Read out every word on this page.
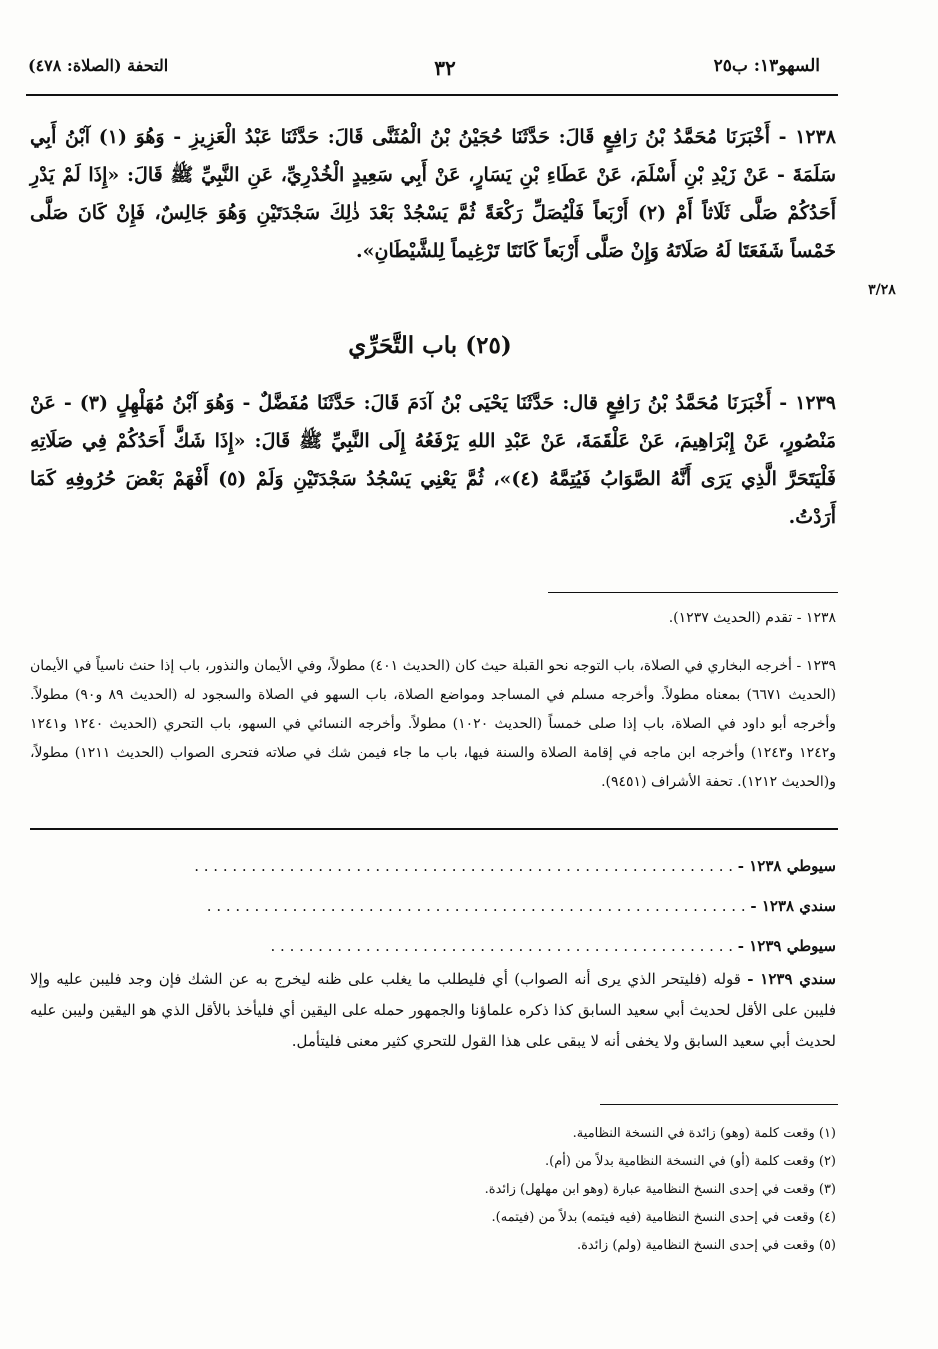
السهو١٣: ب٢٥
٣٢
التحفة (الصلاة: ٤٧٨)
٣/٢٨

١٢٣٨ - أَخْبَرَنَا مُحَمَّدُ بْنُ رَافِعٍ قَالَ: حَدَّثَنَا حُجَيْنُ بْنُ الْمُثَنَّى قَالَ: حَدَّثَنَا عَبْدُ الْعَزِيزِ - وَهُوَ (١) آبْنُ أَبِي سَلَمَةَ - عَنْ زَيْدِ بْنِ أَسْلَمَ، عَنْ عَطَاءِ بْنِ يَسَارٍ، عَنْ أَبِي سَعِيدٍ الْخُدْرِيِّ، عَنِ النَّبِيِّ ﷺ قَالَ: «إِذَا لَمْ يَدْرِ أَحَدُكُمْ صَلَّى ثَلَاثاً أَمْ (٢) أَرْبَعاً فَلْيُصَلِّ رَكْعَةً ثُمَّ يَسْجُدْ بَعْدَ ذٰلِكَ سَجْدَتَيْنِ وَهُوَ جَالِسٌ، فَإِنْ كَانَ صَلَّى خَمْساً شَفَعَتَا لَهُ صَلَاتَهُ وَإِنْ صَلَّى أَرْبَعاً كَانَتَا تَرْغِيماً لِلشَّيْطَانِ».

(٢٥) باب التَّحَرِّي

١٢٣٩ - أَخْبَرَنَا مُحَمَّدُ بْنُ رَافِعٍ قال: حَدَّثَنَا يَحْيَى بْنُ آدَمَ قَالَ: حَدَّثَنَا مُفَضَّلٌ - وَهُوَ آبْنُ مُهَلْهِلٍ (٣) - عَنْ مَنْصُورٍ، عَنْ إِبْرَاهِيمَ، عَنْ عَلْقَمَةَ، عَنْ عَبْدِ اللهِ يَرْفَعُهُ إِلَى النَّبِيِّ ﷺ قَالَ: «إِذَا شَكَّ أَحَدُكُمْ فِي صَلَاتِهِ فَلْيَتَحَرَّ الَّذِي يَرَى أَنَّهُ الصَّوَابُ فَيُتِمَّهُ (٤)»، ثُمَّ يَعْنِي يَسْجُدُ سَجْدَتَيْنِ وَلَمْ (٥) أَفْهَمْ بَعْضَ حُرُوفِهِ كَمَا أَرَدْتُ.

١٢٣٨ - تقدم (الحديث ١٢٣٧).
١٢٣٩ - أخرجه البخاري في الصلاة، باب التوجه نحو القبلة حيث كان (الحديث ٤٠١) مطولاً، وفي الأيمان والنذور، باب إذا حنث ناسياً في الأيمان (الحديث ٦٦٧١) بمعناه مطولاً. وأخرجه مسلم في المساجد ومواضع الصلاة، باب السهو في الصلاة والسجود له (الحديث ٨٩ و٩٠) مطولاً. وأخرجه أبو داود في الصلاة، باب إذا صلى خمساً (الحديث ١٠٢٠) مطولاً. وأخرجه النسائي في السهو، باب التحري (الحديث ١٢٤٠ و١٢٤١ و١٢٤٢ و١٢٤٣) وأخرجه ابن ماجه في إقامة الصلاة والسنة فيها، باب ما جاء فيمن شك في صلاته فتحرى الصواب (الحديث ١٢١١) مطولاً، و(الحديث ١٢١٢). تحفة الأشراف (٩٤٥١).
سيوطي ١٢٣٨ - . . . . . . . . . . . . . . . . . . . . . . . . . . . . . . . . . . . . . . . . . . . . . . . . . . . . . . . . .
سندي ١٢٣٨ - . . . . . . . . . . . . . . . . . . . . . . . . . . . . . . . . . . . . . . . . . . . . . . . . . . . . . . . . .
سيوطي ١٢٣٩ - . . . . . . . . . . . . . . . . . . . . . . . . . . . . . . . . . . . . . . . . . . . . . . . . .
سندي ١٢٣٩ - قوله (فليتحر الذي يرى أنه الصواب) أي فليطلب ما يغلب على ظنه ليخرج به عن الشك فإن وجد فليبن عليه وإلا فليبن على الأقل لحديث أبي سعيد السابق كذا ذكره علماؤنا والجمهور حمله على اليقين أي فليأخذ بالأقل الذي هو اليقين وليبن عليه لحديث أبي سعيد السابق ولا يخفى أنه لا يبقى على هذا القول للتحري كثير معنى فليتأمل.
(١) وقعت كلمة (وهو) زائدة في النسخة النظامية.
(٢) وقعت كلمة (أو) في النسخة النظامية بدلاً من (أم).
(٣) وقعت في إحدى النسخ النظامية عبارة (وهو ابن مهلهل) زائدة.
(٤) وقعت في إحدى النسخ النظامية (فيه فيتمه) بدلاً من (فيتمه).
(٥) وقعت في إحدى النسخ النظامية (ولم) زائدة.
